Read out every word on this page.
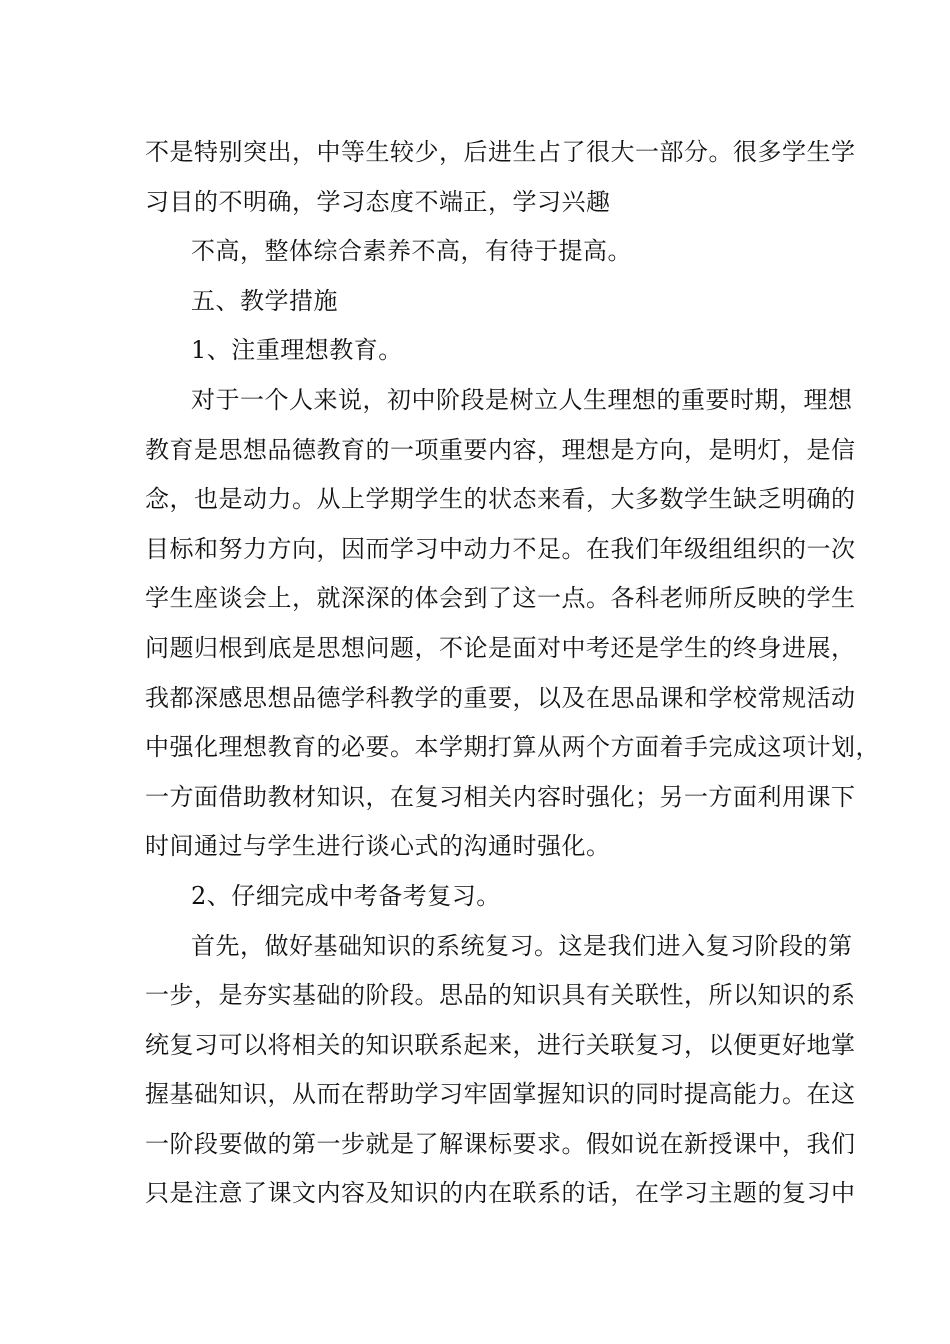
不是特别突出，中等生较少，后进生占了很大一部分。很多学生学
习目的不明确，学习态度不端正，学习兴趣
不高，整体综合素养不高，有待于提高。
五、教学措施
1、注重理想教育。
对于一个人来说，初中阶段是树立人生理想的重要时期，理想
教育是思想品德教育的一项重要内容，理想是方向，是明灯，是信
念，也是动力。从上学期学生的状态来看，大多数学生缺乏明确的
目标和努力方向，因而学习中动力不足。在我们年级组组织的一次
学生座谈会上，就深深的体会到了这一点。各科老师所反映的学生
问题归根到底是思想问题，不论是面对中考还是学生的终身进展，
我都深感思想品德学科教学的重要，以及在思品课和学校常规活动
中强化理想教育的必要。本学期打算从两个方面着手完成这项计划，
一方面借助教材知识，在复习相关内容时强化；另一方面利用课下
时间通过与学生进行谈心式的沟通时强化。
2、仔细完成中考备考复习。
首先，做好基础知识的系统复习。这是我们进入复习阶段的第
一步，是夯实基础的阶段。思品的知识具有关联性，所以知识的系
统复习可以将相关的知识联系起来，进行关联复习，以便更好地掌
握基础知识，从而在帮助学习牢固掌握知识的同时提高能力。在这
一阶段要做的第一步就是了解课标要求。假如说在新授课中，我们
只是注意了课文内容及知识的内在联系的话，在学习主题的复习中
